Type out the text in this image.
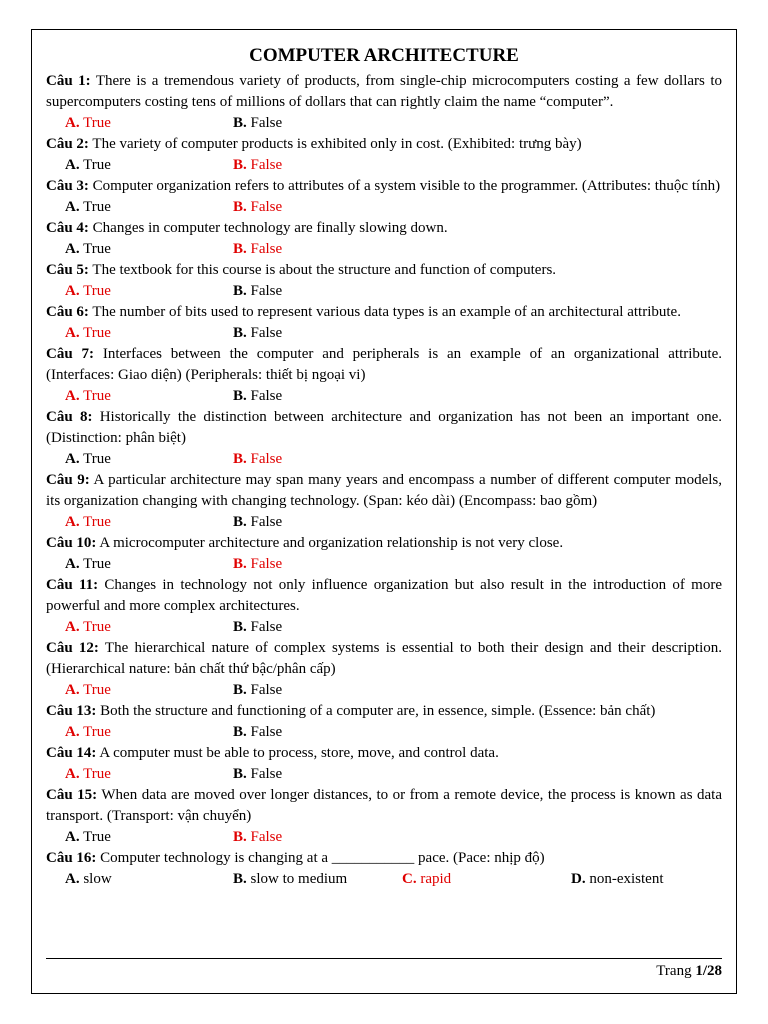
COMPUTER ARCHITECTURE

Câu 1: There is a tremendous variety of products, from single-chip microcomputers costing a few dollars to supercomputers costing tens of millions of dollars that can rightly claim the name “computer”.

A. True	B. False

Câu 2: The variety of computer products is exhibited only in cost. (Exhibited: trưng bày)

A. True	B. False

Câu 3: Computer organization refers to attributes of a system visible to the programmer. (Attributes: thuộc tính)

A. True	B. False

Câu 4: Changes in computer technology are finally slowing down.

A. True	B. False

Câu 5: The textbook for this course is about the structure and function of computers.

A. True	B. False

Câu 6: The number of bits used to represent various data types is an example of an architectural attribute.

A. True	B. False

Câu 7: Interfaces between the computer and peripherals is an example of an organizational attribute. (Interfaces: Giao diện) (Peripherals: thiết bị ngoại vi)

A. True	B. False

Câu 8: Historically the distinction between architecture and organization has not been an important one. (Distinction: phân biệt)

A. True	B. False

Câu 9: A particular architecture may span many years and encompass a number of different computer models, its organization changing with changing technology. (Span: kéo dài) (Encompass: bao gồm)

A. True	B. False

Câu 10: A microcomputer architecture and organization relationship is not very close.

A. True	B. False

Câu 11: Changes in technology not only influence organization but also result in the introduction of more powerful and more complex architectures.

A. True	B. False

Câu 12: The hierarchical nature of complex systems is essential to both their design and their description. (Hierarchical nature: bản chất thứ bậc/phân cấp)

A. True	B. False

Câu 13: Both the structure and functioning of a computer are, in essence, simple. (Essence: bản chất)

A. True	B. False

Câu 14: A computer must be able to process, store, move, and control data.

A. True	B. False

Câu 15: When data are moved over longer distances, to or from a remote device, the process is known as data transport. (Transport: vận chuyển)

A. True	B. False

Câu 16: Computer technology is changing at a ___________ pace. (Pace: nhịp độ)

A. slow	B. slow to medium	C. rapid	D. non-existent
Trang 1/28
